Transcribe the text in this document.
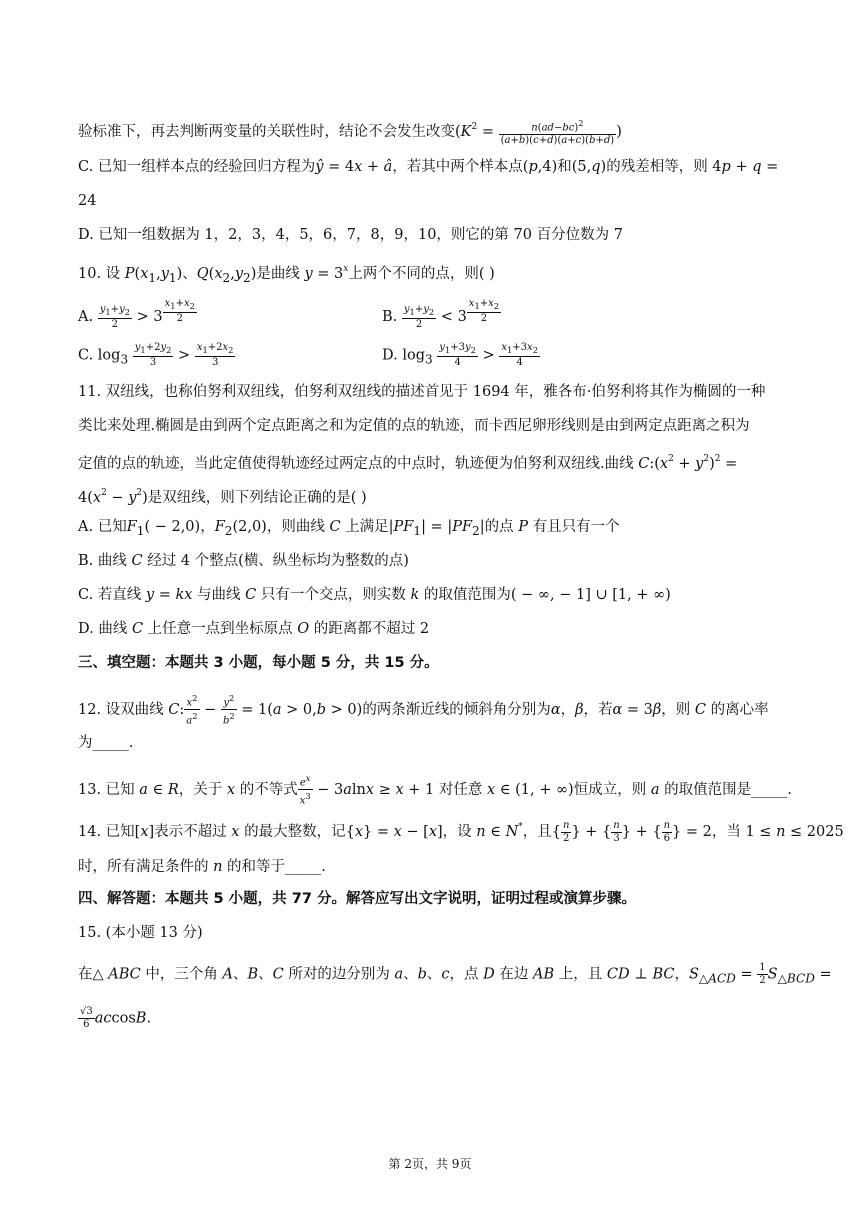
验标准下，再去判断两变量的关联性时，结论不会发生改变($K^2 = \frac{n(ad-bc)^2}{(a+b)(c+d)(a+c)(b+d)}$ )
C. 已知一组样本点的经验回归方程为ŷ = 4x + â，若其中两个样本点(p,4)和(5,q)的残差相等，则 4p + q =
24
D. 已知一组数据为 1，2，3，4，5，6，7，8，9，10，则它的第 70 百分位数为 7
10. 设 $P(x_1,y_1)$、$Q(x_2,y_2)$是曲线 $y = 3^x$上两个不同的点，则( )
A. $\frac{y_1+y_2}{2} > 3$ $^{\frac{x_1+x_2}{2}}$	B. $\frac{y_1+y_2}{2} < 3$ $^{\frac{x_1+x_2}{2}}$
C. $\log_3 \frac{y_1+2y_2}{3} > \frac{x_1+2x_2}{3}$	D. $\log_3 \frac{y_1+3y_2}{4} > \frac{x_1+3x_2}{4}$
11. 双纽线，也称伯努利双纽线，伯努利双纽线的描述首见于 1694 年，雅各布·伯努利将其作为椭圆的一种
类比来处理.椭圆是由到两个定点距离之和为定值的点的轨迹，而卡西尼卵形线则是由到两定点距离之积为
定值的点的轨迹，当此定值使得轨迹经过两定点的中点时，轨迹便为伯努利双纽线.曲线 $C:(x^2 + y^2)^2$ =
$4(x^2 - y^2)$是双纽线，则下列结论正确的是( )
A. 已知$F_1( - 2,0)$，$F_2(2,0)$，则曲线 C 上满足$|PF_1| = |PF_2|$的点 P 有且只有一个
B. 曲线 C 经过 4 个整点(横、纵坐标均为整数的点)
C. 若直线 y = kx 与曲线 C 只有一个交点，则实数 k 的取值范围为( − ∞, − 1] ∪ [1, + ∞)
D. 曲线 C 上任意一点到坐标原点 O 的距离都不超过 2
三、填空题：本题共 3 小题，每小题 5 分，共 15 分。
12. 设双曲线 C: $\frac{x^2}{a^2} - \frac{y^2}{b^2} = 1(a > 0,b > 0)$的两条渐近线的倾斜角分别为α，β，若α = 3β，则 C 的离心率
为_____.
13. 已知 a ∈ R，关于 x 的不等式 $\frac{e^x}{x^3} - 3alnx \ge x + 1$ 对任意 x ∈ (1, + ∞)恒成立，则 a 的取值范围是_____.
14. 已知[x]表示不超过 x 的最大整数，记{x} = x − [x]，设 n ∈ N*，且{ $\frac{n}{2}$ } + { $\frac{n}{3}$ } + { $\frac{n}{6}$ } = 2，当 1 ≤ n ≤ 2025
时，所有满足条件的 n 的和等于_____.
四、解答题：本题共 5 小题，共 77 分。解答应写出文字说明，证明过程或演算步骤。
15. (本小题 13 分)
在△ ABC 中，三个角 A、B、C 所对的边分别为 a、b、c，点 D 在边 AB 上，且 CD ⊥ BC，$S_{\triangle ACD} = \frac{1}{2} S_{\triangle BCD}$ =
$\frac{√3}{6} accosB$.
第 2页，共 9页
